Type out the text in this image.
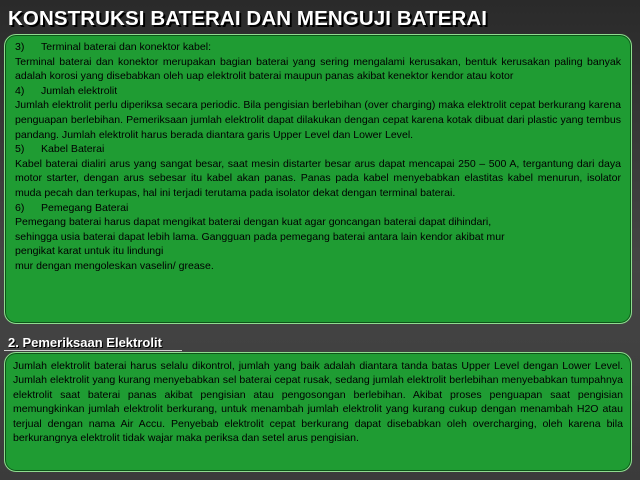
KONSTRUKSI BATERAI DAN MENGUJI BATERAI
3) Terminal baterai dan konektor kabel:
Terminal baterai dan konektor merupakan bagian baterai yang sering mengalami kerusakan, bentuk kerusakan paling banyak adalah korosi yang disebabkan oleh uap elektrolit baterai maupun panas akibat kenektor kendor atau kotor
4) Jumlah elektrolit
Jumlah elektrolit perlu diperiksa secara periodic. Bila pengisian berlebihan (over charging) maka elektrolit cepat berkurang karena penguapan berlebihan. Pemeriksaan jumlah elektrolit dapat dilakukan dengan cepat karena kotak dibuat dari plastic yang tembus pandang. Jumlah elektrolit harus berada diantara garis Upper Level dan Lower Level.
5) Kabel Baterai
Kabel baterai dialiri arus yang sangat besar, saat mesin distarter besar arus dapat mencapai 250 – 500 A, tergantung dari daya motor starter, dengan arus sebesar itu kabel akan panas. Panas pada kabel menyebabkan elastitas kabel menurun, isolator muda pecah dan terkupas, hal ini terjadi terutama pada isolator dekat dengan terminal baterai.
6) Pemegang Baterai
Pemegang baterai harus dapat mengikat baterai dengan kuat agar goncangan baterai dapat dihindari,
sehingga usia baterai dapat lebih lama. Gangguan pada pemegang baterai antara lain kendor akibat mur
pengikat karat untuk itu lindungi
mur dengan mengoleskan vaselin/ grease.
2. Pemeriksaan Elektrolit
Jumlah elektrolit baterai harus selalu dikontrol, jumlah yang baik adalah diantara tanda batas Upper Level dengan Lower Level. Jumlah elektrolit yang kurang menyebabkan sel baterai cepat rusak, sedang jumlah elektrolit berlebihan menyebabkan tumpahnya elektrolit saat baterai panas akibat pengisian atau pengosongan berlebihan. Akibat proses penguapan saat pengisian memungkinkan jumlah elektrolit berkurang, untuk menambah jumlah elektrolit yang kurang cukup dengan menambah H2O atau terjual dengan nama Air Accu. Penyebab elektrolit cepat berkurang dapat disebabkan oleh overcharging, oleh karena bila berkurangnya elektrolit tidak wajar maka periksa dan setel arus pengisian.
